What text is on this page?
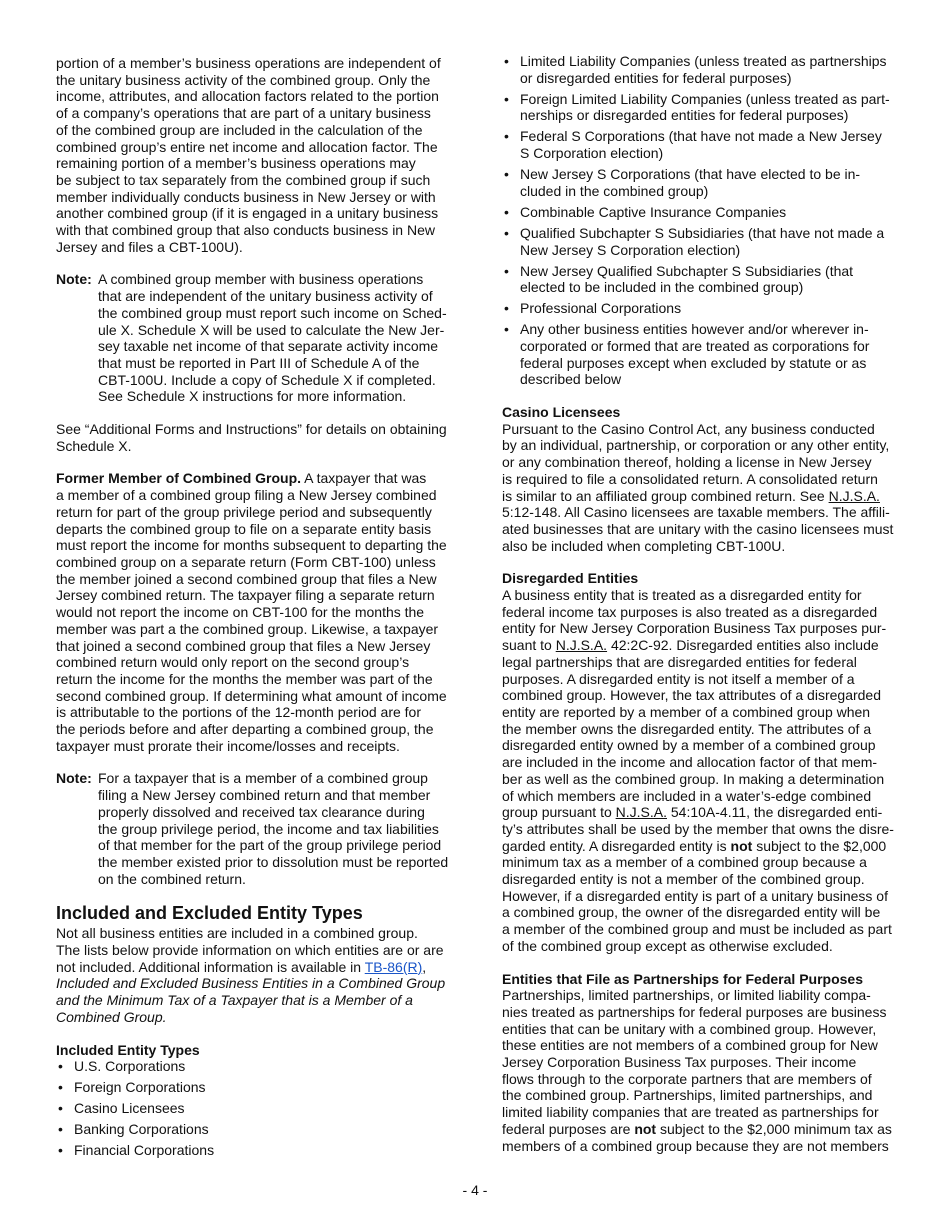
portion of a member’s business operations are independent of
the unitary business activity of the combined group. Only the
income, attributes, and allocation factors related to the portion
of a company’s operations that are part of a unitary business
of the combined group are included in the calculation of the
combined group’s entire net income and allocation factor. The
remaining portion of a member’s business operations may
be subject to tax separately from the combined group if such
member individually conducts business in New Jersey or with
another combined group (if it is engaged in a unitary business
with that combined group that also conducts business in New
Jersey and files a CBT-100U).
Note: A combined group member with business operations
that are independent of the unitary business activity of
the combined group must report such income on Sched-
ule X. Schedule X will be used to calculate the New Jer-
sey taxable net income of that separate activity income
that must be reported in Part III of Schedule A of the
CBT-100U. Include a copy of Schedule X if completed.
See Schedule X instructions for more information.
See “Additional Forms and Instructions” for details on obtaining
Schedule X.
Former Member of Combined Group. A taxpayer that was
a member of a combined group filing a New Jersey combined
return for part of the group privilege period and subsequently
departs the combined group to file on a separate entity basis
must report the income for months subsequent to departing the
combined group on a separate return (Form CBT-100) unless
the member joined a second combined group that files a New
Jersey combined return. The taxpayer filing a separate return
would not report the income on CBT-100 for the months the
member was part a the combined group. Likewise, a taxpayer
that joined a second combined group that files a New Jersey
combined return would only report on the second group’s
return the income for the months the member was part of the
second combined group. If determining what amount of income
is attributable to the portions of the 12-month period are for
the periods before and after departing a combined group, the
taxpayer must prorate their income/losses and receipts.
Note: For a taxpayer that is a member of a combined group
filing a New Jersey combined return and that member
properly dissolved and received tax clearance during
the group privilege period, the income and tax liabilities
of that member for the part of the group privilege period
the member existed prior to dissolution must be reported
on the combined return.
Included and Excluded Entity Types
Not all business entities are included in a combined group.
The lists below provide information on which entities are or are
not included. Additional information is available in TB-86(R),
Included and Excluded Business Entities in a Combined Group
and the Minimum Tax of a Taxpayer that is a Member of a
Combined Group.
Included Entity Types
• U.S. Corporations
• Foreign Corporations
• Casino Licensees
• Banking Corporations
• Financial Corporations
• Limited Liability Companies (unless treated as partnerships
or disregarded entities for federal purposes)
• Foreign Limited Liability Companies (unless treated as part-
nerships or disregarded entities for federal purposes)
• Federal S Corporations (that have not made a New Jersey
S Corporation election)
• New Jersey S Corporations (that have elected to be in-
cluded in the combined group)
• Combinable Captive Insurance Companies
• Qualified Subchapter S Subsidiaries (that have not made a
New Jersey S Corporation election)
• New Jersey Qualified Subchapter S Subsidiaries (that
elected to be included in the combined group)
• Professional Corporations
• Any other business entities however and/or wherever in-
corporated or formed that are treated as corporations for
federal purposes except when excluded by statute or as
described below
Casino Licensees
Pursuant to the Casino Control Act, any business conducted
by an individual, partnership, or corporation or any other entity,
or any combination thereof, holding a license in New Jersey
is required to file a consolidated return. A consolidated return
is similar to an affiliated group combined return. See N.J.S.A.
5:12-148. All Casino licensees are taxable members. The affili-
ated businesses that are unitary with the casino licensees must
also be included when completing CBT-100U.
Disregarded Entities
A business entity that is treated as a disregarded entity for
federal income tax purposes is also treated as a disregarded
entity for New Jersey Corporation Business Tax purposes pur-
suant to N.J.S.A. 42:2C-92. Disregarded entities also include
legal partnerships that are disregarded entities for federal
purposes. A disregarded entity is not itself a member of a
combined group. However, the tax attributes of a disregarded
entity are reported by a member of a combined group when
the member owns the disregarded entity. The attributes of a
disregarded entity owned by a member of a combined group
are included in the income and allocation factor of that mem-
ber as well as the combined group. In making a determination
of which members are included in a water’s-edge combined
group pursuant to N.J.S.A. 54:10A-4.11, the disregarded enti-
ty’s attributes shall be used by the member that owns the disre-
garded entity. A disregarded entity is not subject to the $2,000
minimum tax as a member of a combined group because a
disregarded entity is not a member of the combined group.
However, if a disregarded entity is part of a unitary business of
a combined group, the owner of the disregarded entity will be
a member of the combined group and must be included as part
of the combined group except as otherwise excluded.
Entities that File as Partnerships for Federal Purposes
Partnerships, limited partnerships, or limited liability compa-
nies treated as partnerships for federal purposes are business
entities that can be unitary with a combined group. However,
these entities are not members of a combined group for New
Jersey Corporation Business Tax purposes. Their income
flows through to the corporate partners that are members of
the combined group. Partnerships, limited partnerships, and
limited liability companies that are treated as partnerships for
federal purposes are not subject to the $2,000 minimum tax as
members of a combined group because they are not members
- 4 -
